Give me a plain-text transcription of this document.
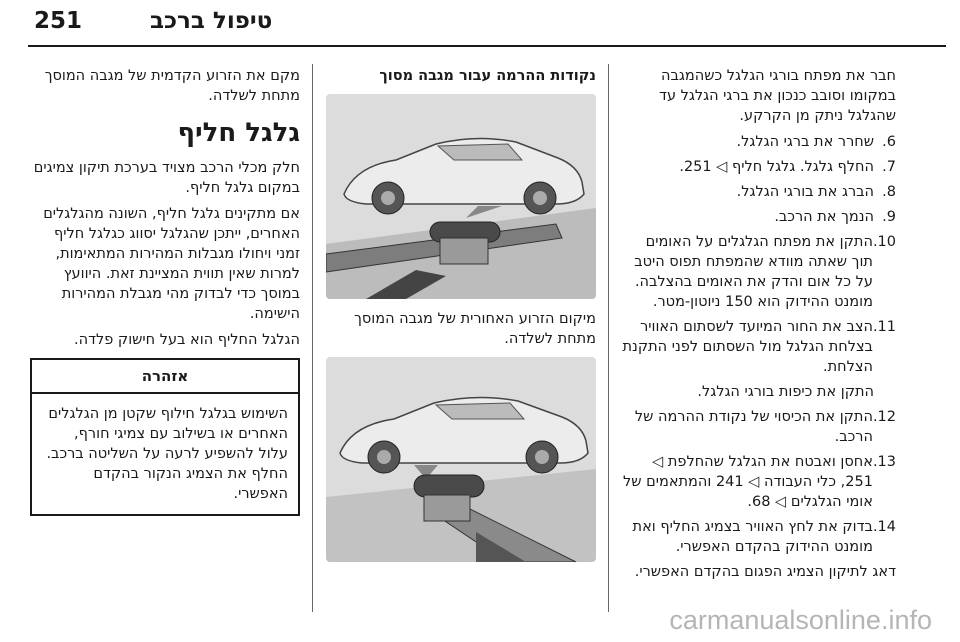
251	טיפול ברכב

חבר את מפתח בורגי הגלגל כשהמגבה במקומו וסובב כנכון את ברגי הגלגל עד שהגלגל ניתק מן הקרקע.

6.
שחרר את ברגי הגלגל.
7.
החלף גלגל. גלגל חליף ◁ 251.
8.
הברג את בורגי הגלגל.
9.
הנמך את הרכב.
10.
התקן את מפתח הגלגלים על האומים תוך שאתה מוודא שהמפתח תפוס היטב על כל אום והדק את האומים בהצלבה. מומנט ההידוק הוא 150 ניוטון-מטר.
11.
הצב את החור המיועד לשסתום האוויר בצלחת הגלגל מול השסתום לפני התקנת הצלחת.
התקן את כיפות בורגי הגלגל.
12.
התקן את הכיסוי של נקודת ההרמה של הרכב.
13.
אחסן ואבטח את הגלגל שהחלפת ◁ 251, כלי העבודה ◁ 241 והמתאמים של אומי הגלגלים ◁ 68.
14.
בדוק את לחץ האוויר בצמיג החליף ואת מומנט ההידוק בהקדם האפשרי.

דאג לתיקון הצמיג הפגום בהקדם האפשרי.

נקודות ההרמה עבור מגבה מסוך

מיקום הזרוע האחורית של מגבה המוסך מתחת לשלדה.

מקם את הזרוע הקדמית של מגבה המוסך מתחת לשלדה.

גלגל חליף

חלק מכלי הרכב מצויד בערכת תיקון צמיגים במקום גלגל חליף.

אם מתקינים גלגל חליף, השונה מהגלגלים האחרים, ייתכן שהגלגל יסווג כגלגל חליף זמני ויחולו מגבלות המהירות המתאימות, למרות שאין תווית המציינת זאת. היוועץ במוסך כדי לבדוק מהי מגבלת המהירות הישימה.

הגלגל החליף הוא בעל חישוק פלדה.

אזהרה
השימוש בגלגל חילוף שקטן מן הגלגלים האחרים או בשילוב עם צמיגי חורף, עלול להשפיע לרעה על השליטה ברכב. החלף את הצמיג הנקור בהקדם האפשרי.
carmanualsonline.info
